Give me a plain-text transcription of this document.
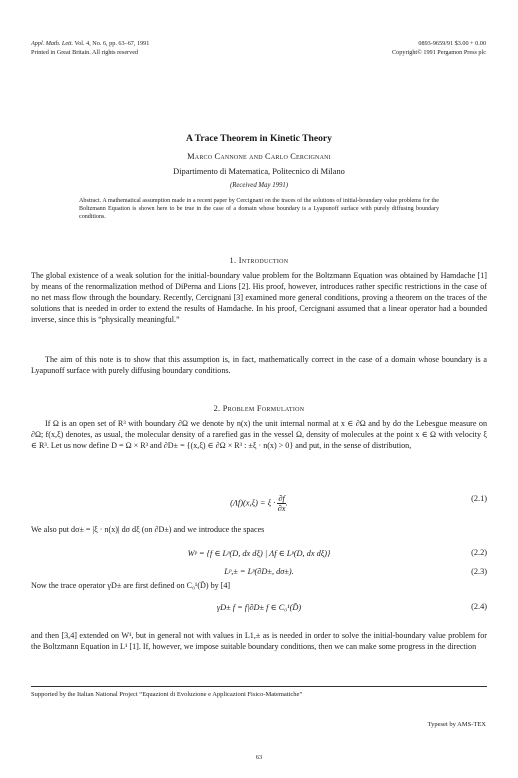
Appl. Math. Lett. Vol. 4, No. 6, pp. 63–67, 1991
Printed in Great Britain. All rights reserved
0893-9659/91 $3.00 + 0.00
Copyright© 1991 Pergamon Press plc
A Trace Theorem in Kinetic Theory
Marco Cannone and Carlo Cercignani
Dipartimento di Matematica, Politecnico di Milano
(Received May 1991)
Abstract. A mathematical assumption made in a recent paper by Cercignani on the traces of the solutions of initial-boundary value problems for the Boltzmann Equation is shown here to be true in the case of a domain whose boundary is a Lyapunoff surface with purely diffusing boundary conditions.
1. Introduction

The global existence of a weak solution for the initial-boundary value problem for the Boltzmann Equation was obtained by Hamdache [1] by means of the renormalization method of DiPerna and Lions [2]. His proof, however, introduces rather specific restrictions in the case of no net mass flow through the boundary. Recently, Cercignani [3] examined more general conditions, proving a theorem on the traces of the solutions that is needed in order to extend the results of Hamdache. In his proof, Cercignani assumed that a linear operator had a bounded inverse, since this is “physically meaningful.”

The aim of this note is to show that this assumption is, in fact, mathematically correct in the case of a domain whose boundary is a Lyapunoff surface with purely diffusing boundary conditions.

2. Problem Formulation

If Ω is an open set of R³ with boundary ∂Ω we denote by n(x) the unit internal normal at x ∈ ∂Ω and by dσ the Lebesgue measure on ∂Ω; f(x,ξ) denotes, as usual, the molecular density of a rarefied gas in the vessel Ω, density of molecules at the point x ∈ Ω with velocity ξ ∈ R³. Let us now define D = Ω × R³ and ∂D± = {(x,ξ) ∈ ∂Ω × R³ : ±ξ · n(x) > 0} and put, in the sense of distribution,

$(\Lambda f)(x,\xi) = \xi \cdot \frac{\partial f}{\partial x}$ .	(2.1)

We also put dσ± = |ξ · n(x)| dσ dξ (on ∂D±) and we introduce the spaces

Wᵖ = {f ∈ Lᵖ(D, dx dξ) | Λf ∈ Lᵖ(D, dx dξ)}	(2.2)
Lᵖ,± = Lᵖ(∂D±, dσ±).	(2.3)

Now the trace operator γD± are first defined on C₀¹(D̄) by [4]

γD± f = f|∂D± f ∈ C₀¹(D̄)	(2.4)

and then [3,4] extended on W¹, but in general not with values in L1,± as is needed in order to solve the initial-boundary value problem for the Boltzmann Equation in L¹ [1]. If, however, we impose suitable boundary conditions, then we can make some progress in the direction

Supported by the Italian National Project “Equazioni di Evoluzione e Applicazioni Fisico-Matematiche”
Typeset by AMS-TEX
63
